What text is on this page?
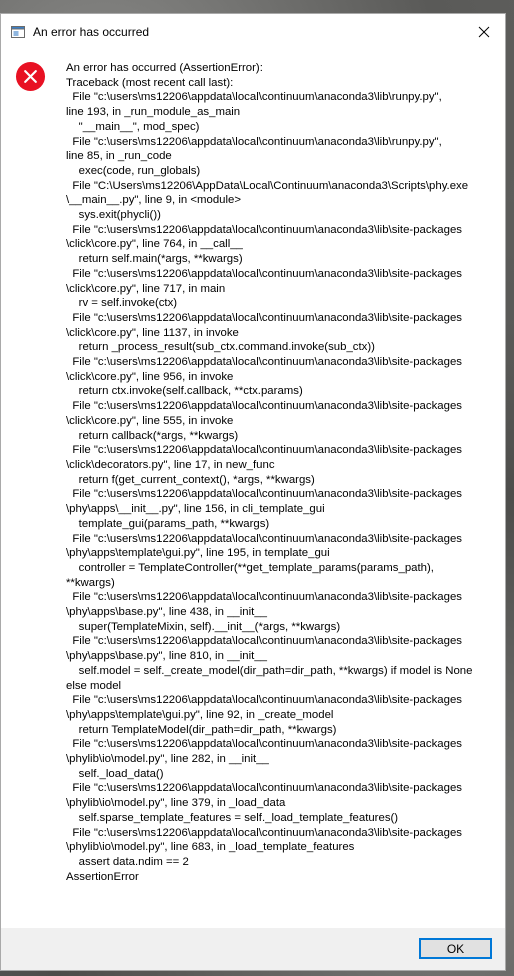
An error has occurred
An error has occurred (AssertionError):
Traceback (most recent call last):
File "c:\users\ms12206\appdata\local\continuum\anaconda3\lib\runpy.py",
line 193, in _run_module_as_main
"__main__", mod_spec)
File "c:\users\ms12206\appdata\local\continuum\anaconda3\lib\runpy.py",
line 85, in _run_code
exec(code, run_globals)
File "C:\Users\ms12206\AppData\Local\Continuum\anaconda3\Scripts\phy.exe
\__main__.py", line 9, in <module>
sys.exit(phycli())
File "c:\users\ms12206\appdata\local\continuum\anaconda3\lib\site-packages
\click\core.py", line 764, in __call__
return self.main(*args, **kwargs)
File "c:\users\ms12206\appdata\local\continuum\anaconda3\lib\site-packages
\click\core.py", line 717, in main
rv = self.invoke(ctx)
File "c:\users\ms12206\appdata\local\continuum\anaconda3\lib\site-packages
\click\core.py", line 1137, in invoke
return _process_result(sub_ctx.command.invoke(sub_ctx))
File "c:\users\ms12206\appdata\local\continuum\anaconda3\lib\site-packages
\click\core.py", line 956, in invoke
return ctx.invoke(self.callback, **ctx.params)
File "c:\users\ms12206\appdata\local\continuum\anaconda3\lib\site-packages
\click\core.py", line 555, in invoke
return callback(*args, **kwargs)
File "c:\users\ms12206\appdata\local\continuum\anaconda3\lib\site-packages
\click\decorators.py", line 17, in new_func
return f(get_current_context(), *args, **kwargs)
File "c:\users\ms12206\appdata\local\continuum\anaconda3\lib\site-packages
\phy\apps\__init__.py", line 156, in cli_template_gui
template_gui(params_path, **kwargs)
File "c:\users\ms12206\appdata\local\continuum\anaconda3\lib\site-packages
\phy\apps\template\gui.py", line 195, in template_gui
controller = TemplateController(**get_template_params(params_path),
**kwargs)
File "c:\users\ms12206\appdata\local\continuum\anaconda3\lib\site-packages
\phy\apps\base.py", line 438, in __init__
super(TemplateMixin, self).__init__(*args, **kwargs)
File "c:\users\ms12206\appdata\local\continuum\anaconda3\lib\site-packages
\phy\apps\base.py", line 810, in __init__
self.model = self._create_model(dir_path=dir_path, **kwargs) if model is None
else model
File "c:\users\ms12206\appdata\local\continuum\anaconda3\lib\site-packages
\phy\apps\template\gui.py", line 92, in _create_model
return TemplateModel(dir_path=dir_path, **kwargs)
File "c:\users\ms12206\appdata\local\continuum\anaconda3\lib\site-packages
\phylib\io\model.py", line 282, in __init__
self._load_data()
File "c:\users\ms12206\appdata\local\continuum\anaconda3\lib\site-packages
\phylib\io\model.py", line 379, in _load_data
self.sparse_template_features = self._load_template_features()
File "c:\users\ms12206\appdata\local\continuum\anaconda3\lib\site-packages
\phylib\io\model.py", line 683, in _load_template_features
assert data.ndim == 2
AssertionError
OK
